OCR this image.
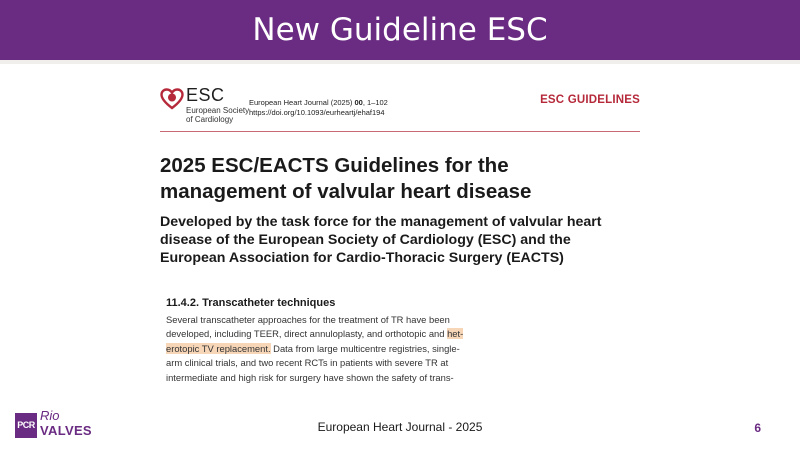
New Guideline ESC
ESC
European Society
of Cardiology
European Heart Journal (2025) 00, 1–102
https://doi.org/10.1093/eurheartj/ehaf194
ESC GUIDELINES
2025 ESC/EACTS Guidelines for the
management of valvular heart disease
Developed by the task force for the management of valvular heart
disease of the European Society of Cardiology (ESC) and the
European Association for Cardio-Thoracic Surgery (EACTS)
11.4.2. Transcatheter techniques
Several transcatheter approaches for the treatment of TR have been
developed, including TEER, direct annuloplasty, and orthotopic and het-
erotopic TV replacement. Data from large multicentre registries, single-
arm clinical trials, and two recent RCTs in patients with severe TR at
intermediate and high risk for surgery have shown the safety of trans-
PCR
Rio
VALVES	European Heart Journal - 2025	6
